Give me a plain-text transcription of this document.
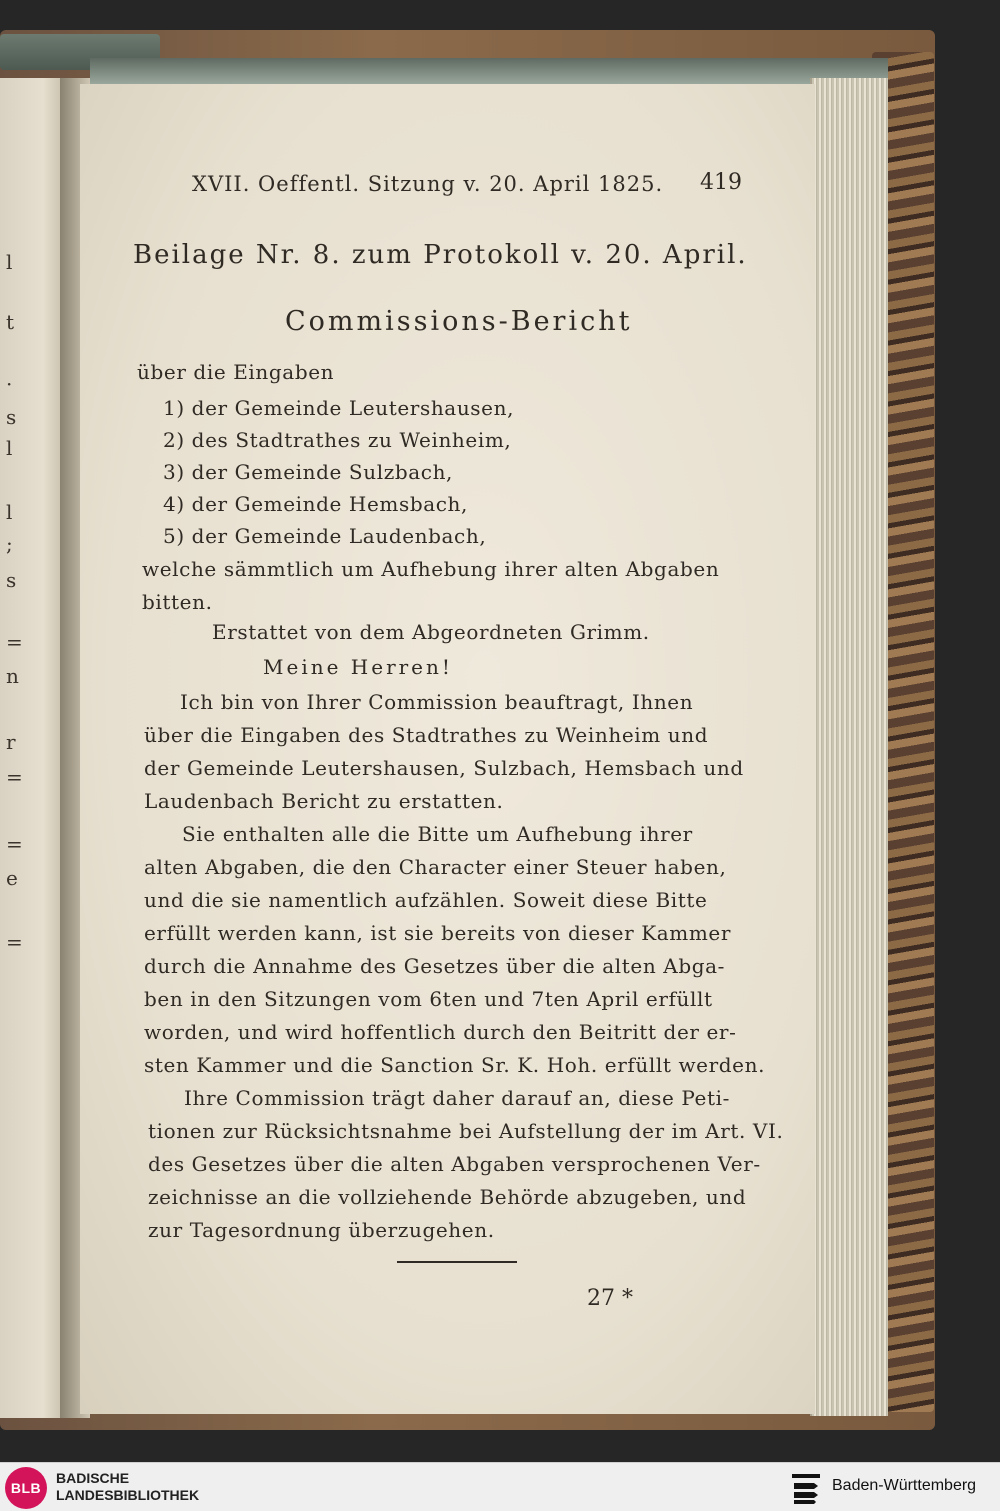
l
t
·
s
l
l
;
s
=
n
r
=
=
e
=
XVII. Oeffentl. Sitzung v. 20. April 1825. 419
Beilage Nr. 8. zum Protokoll v. 20. April.
Commissions-Bericht
über die Eingaben
1) der Gemeinde Leutershausen,
2) des Stadtrathes zu Weinheim,
3) der Gemeinde Sulzbach,
4) der Gemeinde Hemsbach,
5) der Gemeinde Laudenbach,
welche sämmtlich um Aufhebung ihrer alten Abgaben
bitten.
Erstattet von dem Abgeordneten Grimm.
Meine Herren!
Ich bin von Ihrer Commission beauftragt, Ihnen
über die Eingaben des Stadtrathes zu Weinheim und
der Gemeinde Leutershausen, Sulzbach, Hemsbach und
Laudenbach Bericht zu erstatten.
Sie enthalten alle die Bitte um Aufhebung ihrer
alten Abgaben, die den Character einer Steuer haben,
und die sie namentlich aufzählen. Soweit diese Bitte
erfüllt werden kann, ist sie bereits von dieser Kammer
durch die Annahme des Gesetzes über die alten Abga-
ben in den Sitzungen vom 6ten und 7ten April erfüllt
worden, und wird hoffentlich durch den Beitritt der er-
sten Kammer und die Sanction Sr. K. Hoh. erfüllt werden.
Ihre Commission trägt daher darauf an, diese Peti-
tionen zur Rücksichtsnahme bei Aufstellung der im Art. VI.
des Gesetzes über die alten Abgaben versprochenen Ver-
zeichnisse an die vollziehende Behörde abzugeben, und
zur Tagesordnung überzugehen.
27 *
BLB
BADISCHE
LANDESBIBLIOTHEK
Baden-Württemberg
